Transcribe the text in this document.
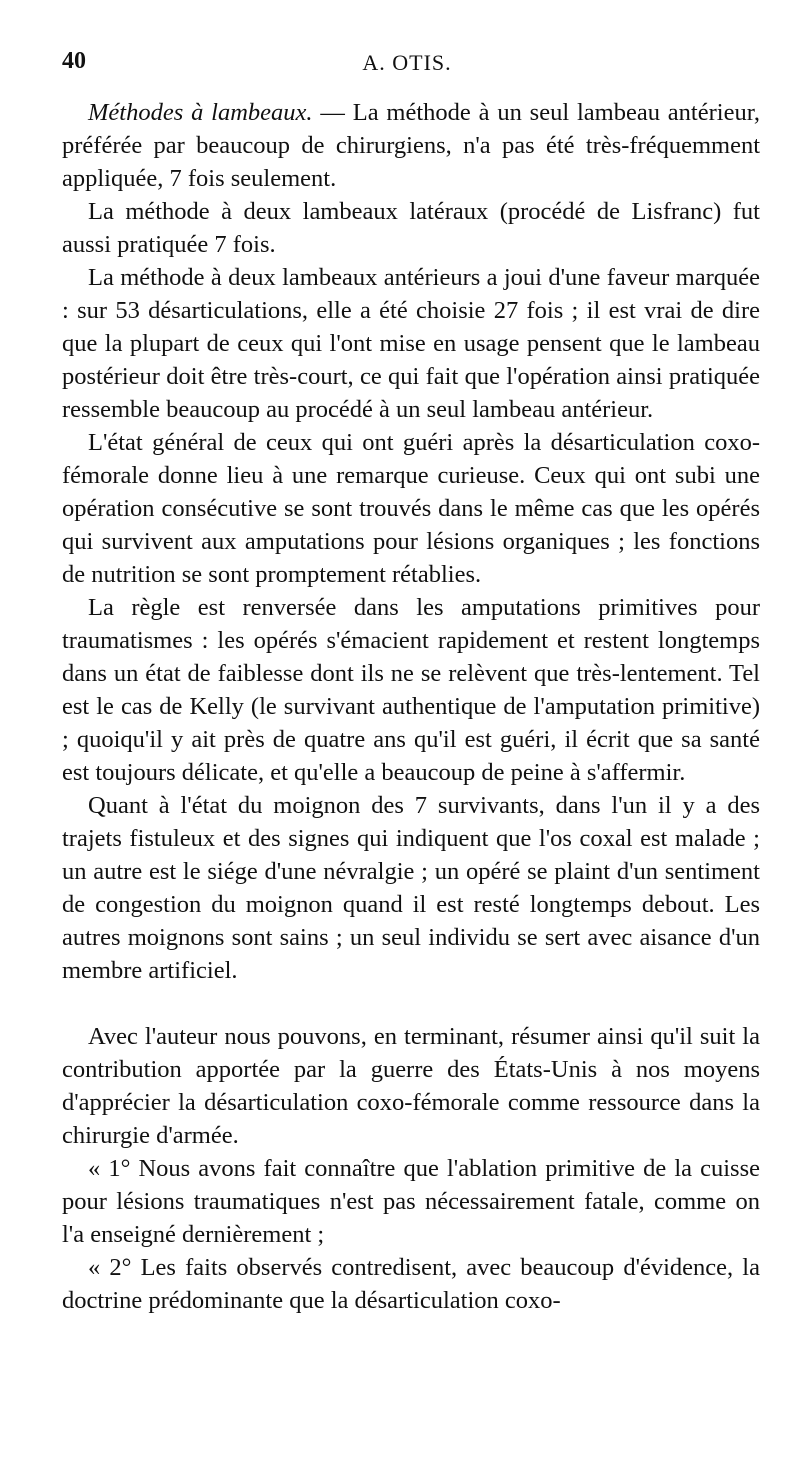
40	A. OTIS.

Méthodes à lambeaux. — La méthode à un seul lambeau antérieur, préférée par beaucoup de chirurgiens, n'a pas été très-fréquemment appliquée, 7 fois seulement.

La méthode à deux lambeaux latéraux (procédé de Lisfranc) fut aussi pratiquée 7 fois.

La méthode à deux lambeaux antérieurs a joui d'une faveur marquée : sur 53 désarticulations, elle a été choisie 27 fois ; il est vrai de dire que la plupart de ceux qui l'ont mise en usage pensent que le lambeau postérieur doit être très-court, ce qui fait que l'opération ainsi pratiquée ressemble beaucoup au procédé à un seul lambeau antérieur.

L'état général de ceux qui ont guéri après la désarticulation coxo-fémorale donne lieu à une remarque curieuse. Ceux qui ont subi une opération consécutive se sont trouvés dans le même cas que les opérés qui survivent aux amputations pour lésions organiques ; les fonctions de nutrition se sont promptement rétablies.

La règle est renversée dans les amputations primitives pour traumatismes : les opérés s'émacient rapidement et restent longtemps dans un état de faiblesse dont ils ne se relèvent que très-lentement. Tel est le cas de Kelly (le survivant authentique de l'amputation primitive) ; quoiqu'il y ait près de quatre ans qu'il est guéri, il écrit que sa santé est toujours délicate, et qu'elle a beaucoup de peine à s'affermir.

Quant à l'état du moignon des 7 survivants, dans l'un il y a des trajets fistuleux et des signes qui indiquent que l'os coxal est malade ; un autre est le siége d'une névralgie ; un opéré se plaint d'un sentiment de congestion du moignon quand il est resté longtemps debout. Les autres moignons sont sains ; un seul individu se sert avec aisance d'un membre artificiel.

Avec l'auteur nous pouvons, en terminant, résumer ainsi qu'il suit la contribution apportée par la guerre des États-Unis à nos moyens d'apprécier la désarticulation coxo-fémorale comme ressource dans la chirurgie d'armée.

« 1° Nous avons fait connaître que l'ablation primitive de la cuisse pour lésions traumatiques n'est pas nécessairement fatale, comme on l'a enseigné dernièrement ;

« 2° Les faits observés contredisent, avec beaucoup d'évidence, la doctrine prédominante que la désarticulation coxo-
